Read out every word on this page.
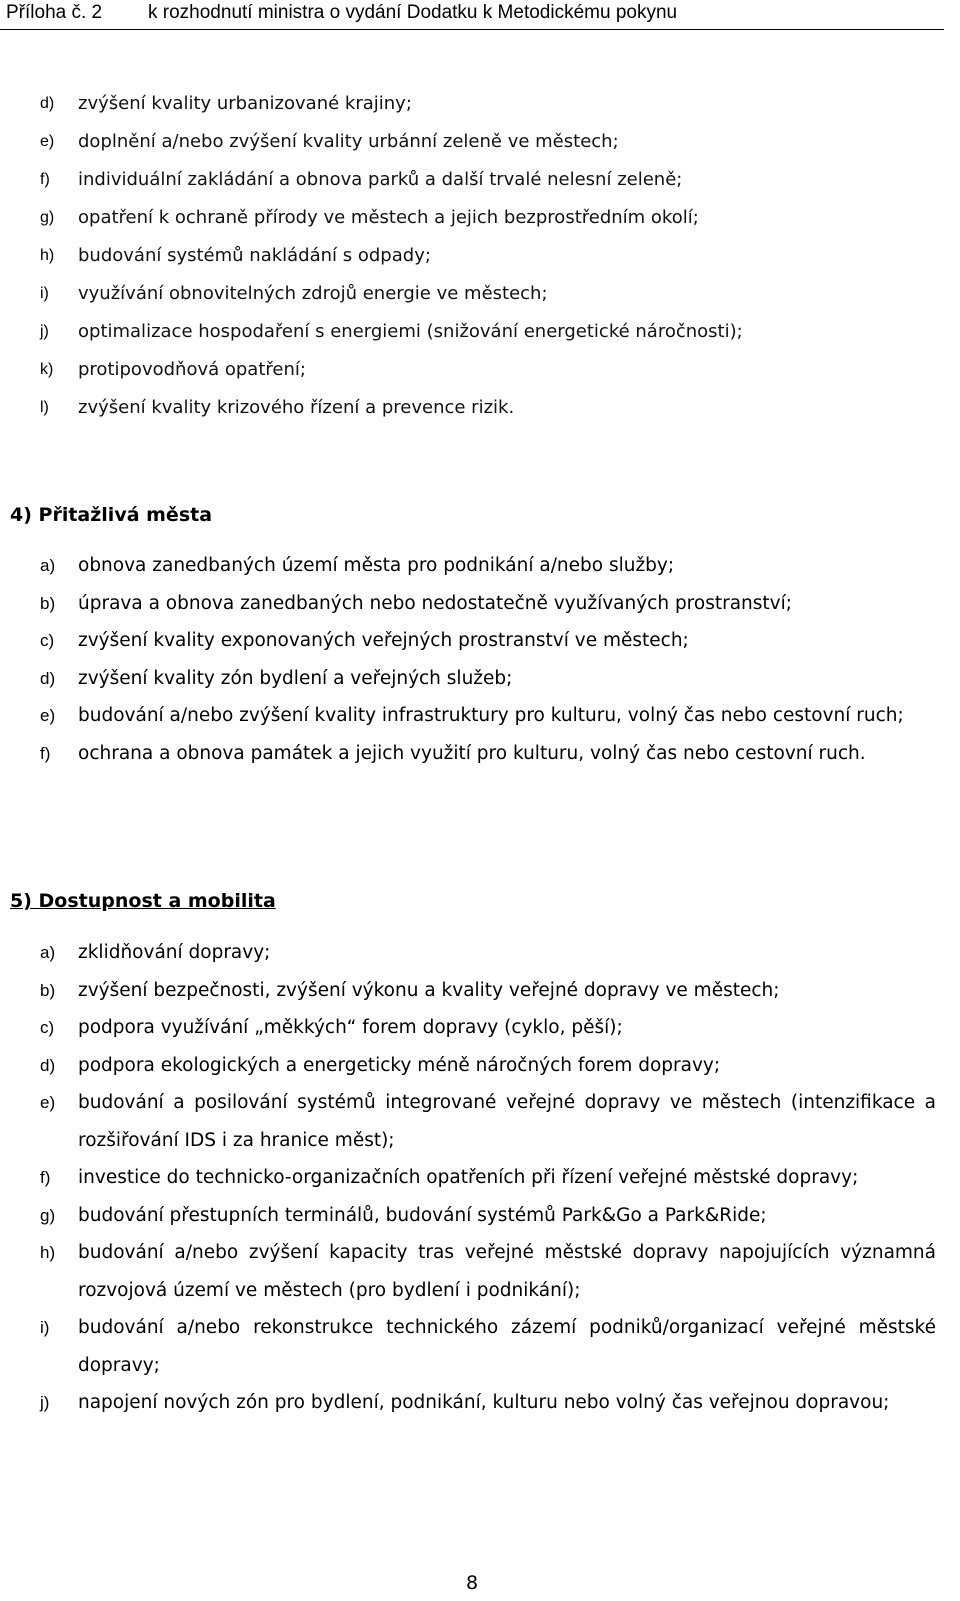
Příloha č. 2 k rozhodnutí ministra o vydání Dodatku k Metodickému pokynu
d) zvýšení kvality urbanizované krajiny;
e) doplnění a/nebo zvýšení kvality urbánní zeleně ve městech;
f) individuální zakládání a obnova parků a další trvalé nelesní zeleně;
g) opatření k ochraně přírody ve městech a jejich bezprostředním okolí;
h) budování systémů nakládání s odpady;
i) využívání obnovitelných zdrojů energie ve městech;
j) optimalizace hospodaření s energiemi (snižování energetické náročnosti);
k) protipovodňová opatření;
l) zvýšení kvality krizového řízení a prevence rizik.
4) Přitažlivá města
a) obnova zanedbaných území města pro podnikání a/nebo služby;
b) úprava a obnova zanedbaných nebo nedostatečně využívaných prostranství;
c) zvýšení kvality exponovaných veřejných prostranství ve městech;
d) zvýšení kvality zón bydlení a veřejných služeb;
e) budování a/nebo zvýšení kvality infrastruktury pro kulturu, volný čas nebo cestovní ruch;
f) ochrana a obnova památek a jejich využití pro kulturu, volný čas nebo cestovní ruch.
5) Dostupnost a mobilita
a) zklidňování dopravy;
b) zvýšení bezpečnosti, zvýšení výkonu a kvality veřejné dopravy ve městech;
c) podpora využívání „měkkých“ forem dopravy (cyklo, pěší);
d) podpora ekologických a energeticky méně náročných forem dopravy;
e) budování a posilování systémů integrované veřejné dopravy ve městech (intenzifikace a rozšiřování IDS i za hranice měst);
f) investice do technicko-organizačních opatřeních při řízení veřejné městské dopravy;
g) budování přestupních terminálů, budování systémů Park&Go a Park&Ride;
h) budování a/nebo zvýšení kapacity tras veřejné městské dopravy napojujících významná rozvojová území ve městech (pro bydlení i podnikání);
i) budování a/nebo rekonstrukce technického zázemí podniků/organizací veřejné městské dopravy;
j) napojení nových zón pro bydlení, podnikání, kulturu nebo volný čas veřejnou dopravou;
8
